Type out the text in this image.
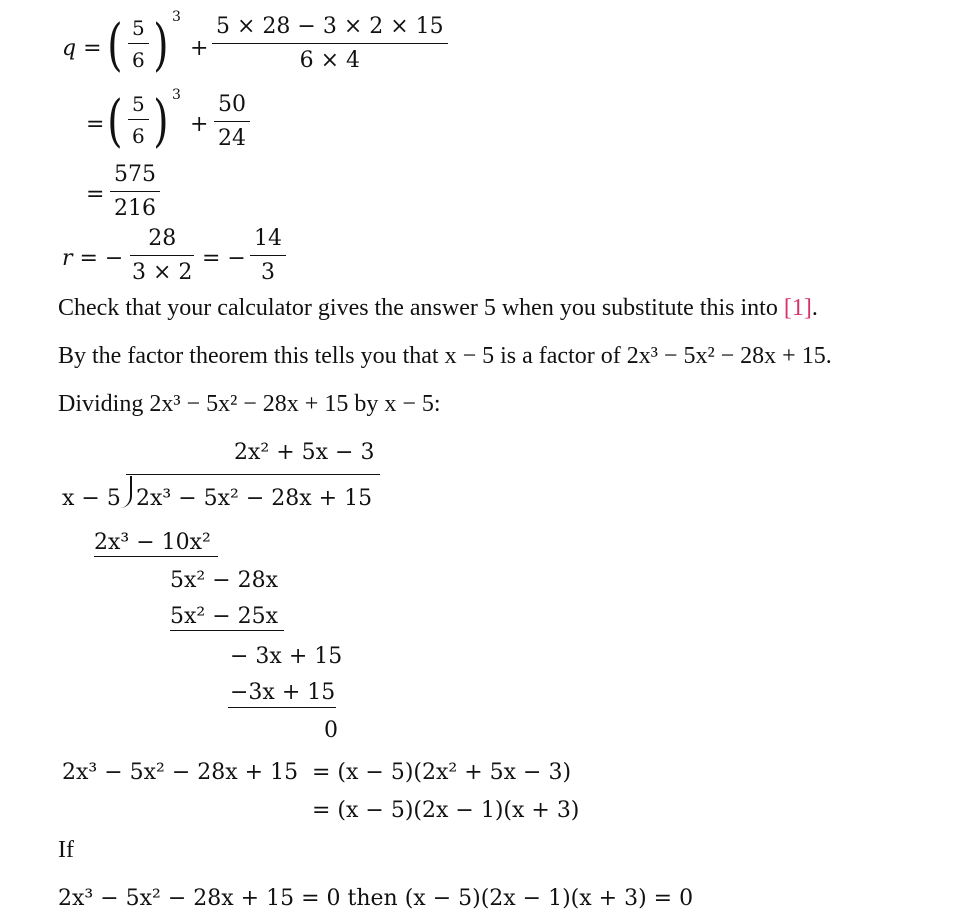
q = ( $\frac{5}{6}$ ) 3
+ $\frac{5 \times 28 - 3 \times 2 \times 15}{6 \times 4}$
= ( $\frac{5}{6}$ ) 3
+ $\frac{50}{24}$
= $\frac{575}{216}$
r = − $\frac{28}{3 \times 2}$ = − $\frac{14}{3}$
Check that your calculator gives the answer 5 when you substitute this into [1].
By the factor theorem this tells you that x − 5 is a factor of 2x³ − 5x² − 28x + 15.
Dividing 2x³ − 5x² − 28x + 15 by x − 5:
2x² + 5x − 3
x − 5 2x³ − 5x² − 28x + 15
2x³ − 10x²
5x² − 28x
5x² − 25x
− 3x + 15
−3x + 15
0
2x³ − 5x² − 28x + 15 = (x − 5)(2x² + 5x − 3)
= (x − 5)(2x − 1)(x + 3)
If
2x³ − 5x² − 28x + 15 = 0 then (x − 5)(2x − 1)(x + 3) = 0
